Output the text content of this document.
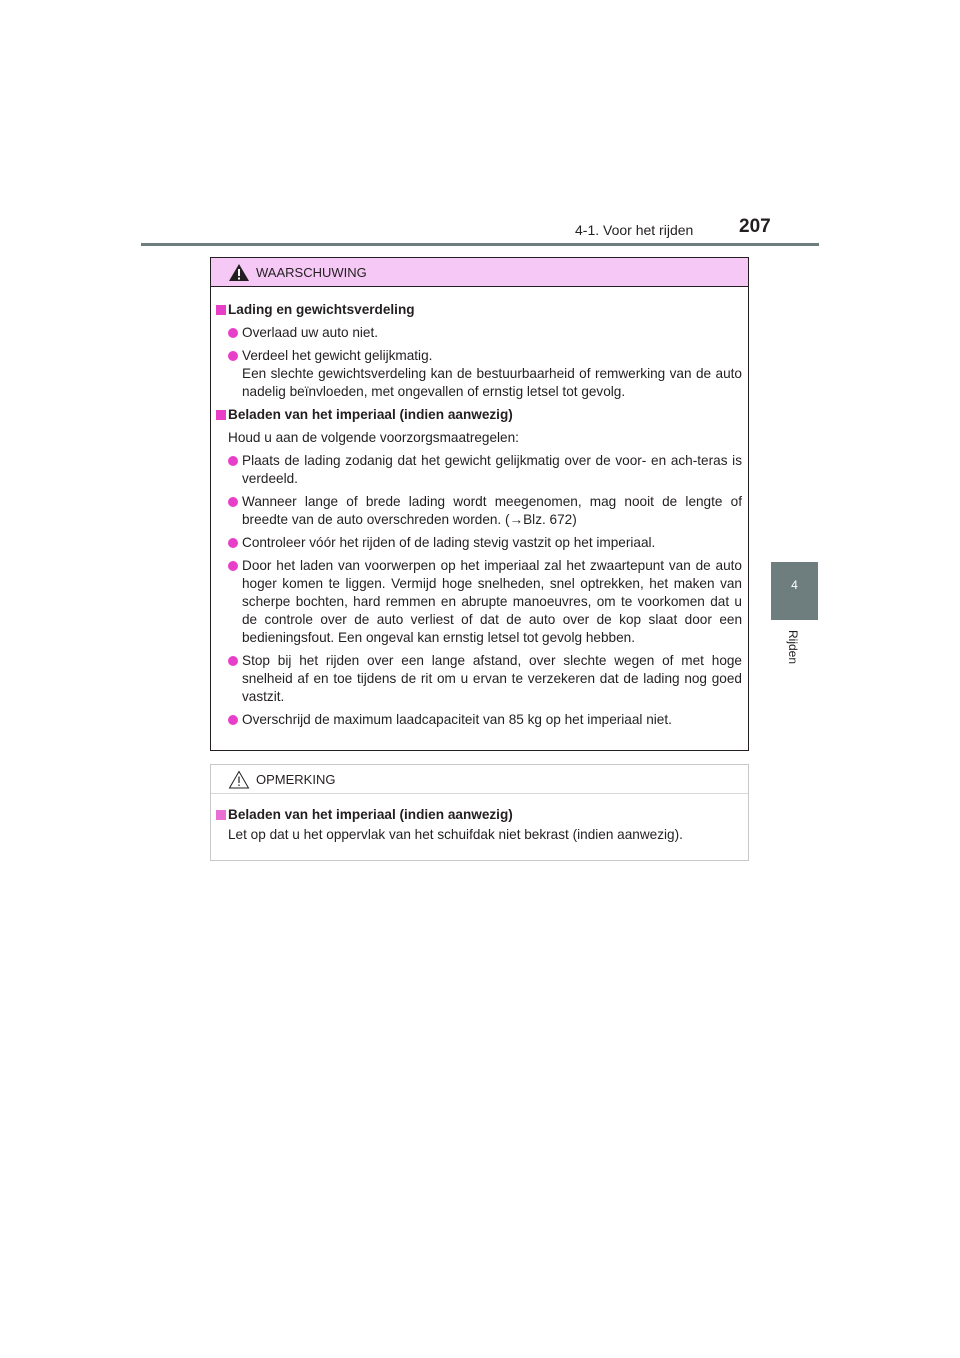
4-1. Voor het rijden 207
4
Rijden
WAARSCHUWING
Lading en gewichtsverdeling
Overlaad uw auto niet.
Verdeel het gewicht gelijkmatig.
Een slechte gewichtsverdeling kan de bestuurbaarheid of remwerking van de auto nadelig beïnvloeden, met ongevallen of ernstig letsel tot gevolg.
Beladen van het imperiaal (indien aanwezig)
Houd u aan de volgende voorzorgsmaatregelen:
Plaats de lading zodanig dat het gewicht gelijkmatig over de voor- en ach-teras is verdeeld.
Wanneer lange of brede lading wordt meegenomen, mag nooit de lengte of breedte van de auto overschreden worden. (→Blz. 672)
Controleer vóór het rijden of de lading stevig vastzit op het imperiaal.
Door het laden van voorwerpen op het imperiaal zal het zwaartepunt van de auto hoger komen te liggen. Vermijd hoge snelheden, snel optrekken, het maken van scherpe bochten, hard remmen en abrupte manoeuvres, om te voorkomen dat u de controle over de auto verliest of dat de auto over de kop slaat door een bedieningsfout. Een ongeval kan ernstig letsel tot gevolg hebben.
Stop bij het rijden over een lange afstand, over slechte wegen of met hoge snelheid af en toe tijdens de rit om u ervan te verzekeren dat de lading nog goed vastzit.
Overschrijd de maximum laadcapaciteit van 85 kg op het imperiaal niet.
OPMERKING
Beladen van het imperiaal (indien aanwezig)
Let op dat u het oppervlak van het schuifdak niet bekrast (indien aanwezig).
